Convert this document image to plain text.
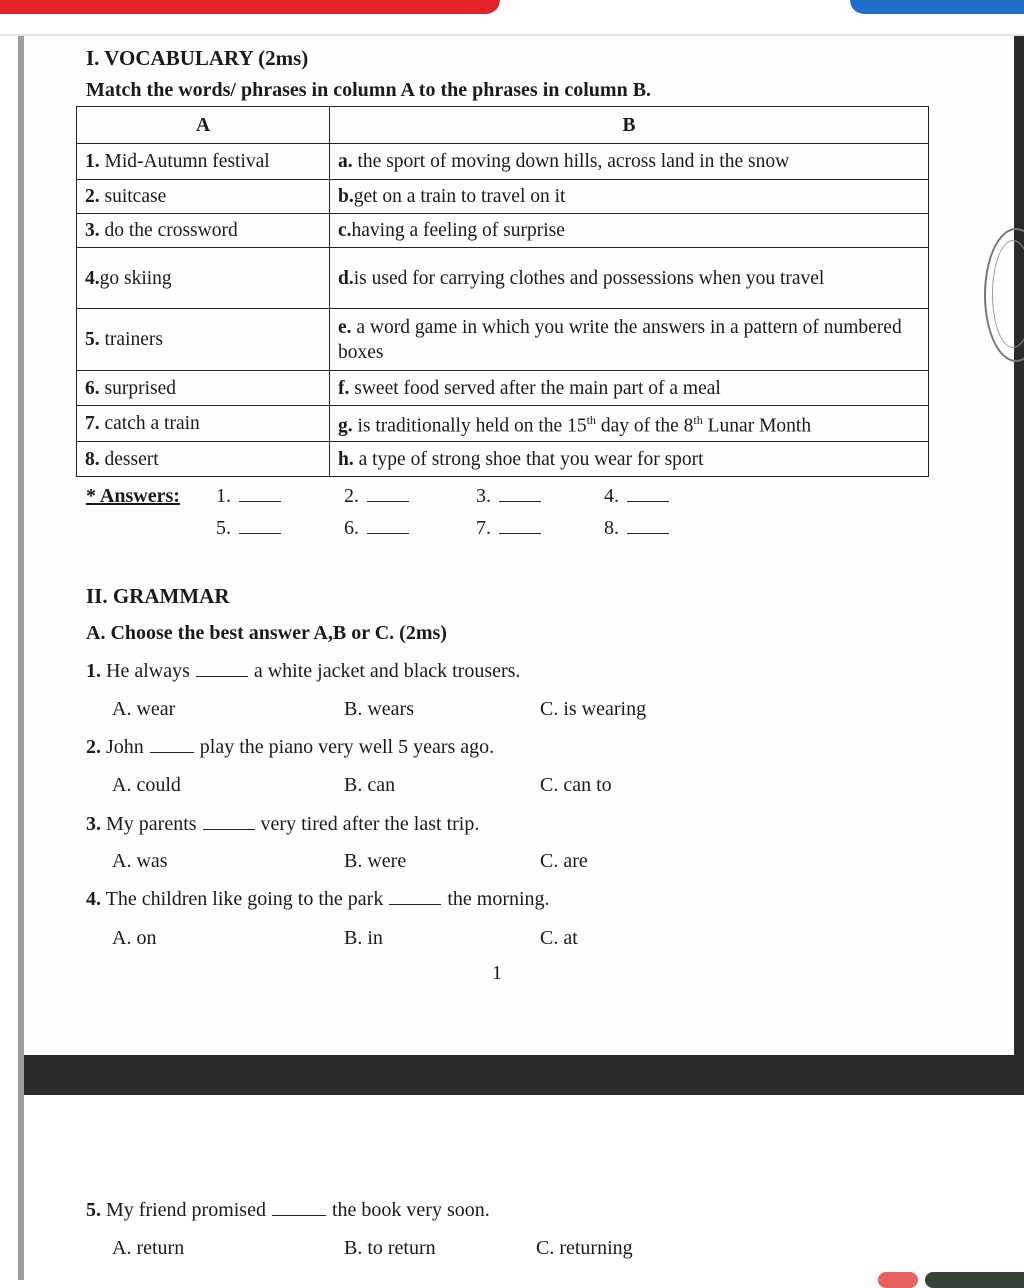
I. VOCABULARY (2ms)
Match the words/ phrases in column A to the phrases in column B.
A	B
1. Mid-Autumn festival	a. the sport of moving down hills, across land in the snow
2. suitcase	b.get on a train to travel on it
3. do the crossword	c.having a feeling of surprise
4.go skiing	d.is used for carrying clothes and possessions when you travel
5. trainers	e. a word game in which you write the answers in a pattern of numbered boxes
6. surprised	f. sweet food served after the main part of a meal
7. catch a train	g. is traditionally held on the 15th day of the 8th Lunar Month
8. dessert	h. a type of strong shoe that you wear for sport
* Answers: 1.	2.	3.	4.
5.	6.	7.	8.
II. GRAMMAR
A. Choose the best answer A,B or C. (2ms)
1. He always	a white jacket and black trousers.
A. wear	B. wears	C. is wearing
2. John	play the piano very well 5 years ago.
A. could	B. can	C. can to
3. My parents	very tired after the last trip.
A. was	B. were	C. are
4. The children like going to the park	the morning.
A. on	B. in	C. at
1
5. My friend promised	the book very soon.
A. return	B. to return	C. returning
